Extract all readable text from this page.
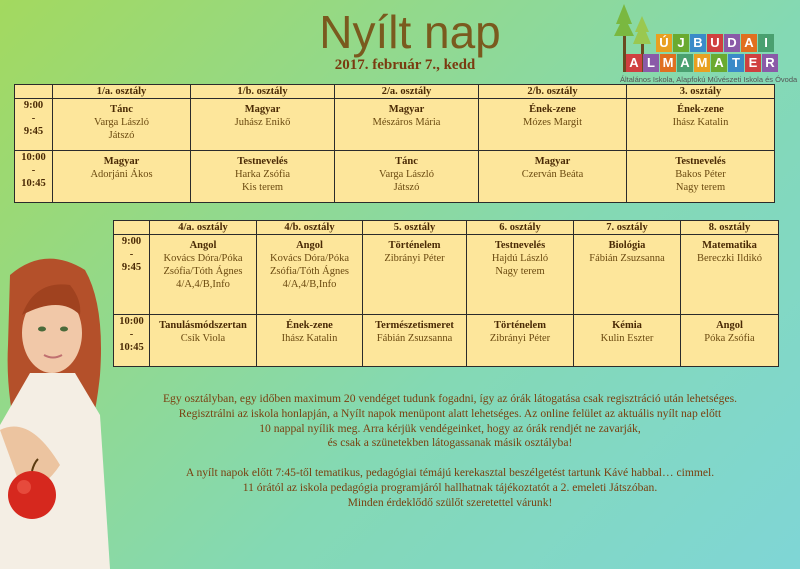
Nyílt nap
2017. február 7., kedd
Ú J B U D A I
A L M A M A T E R
Általános Iskola, Alapfokú Művészeti Iskola és Óvoda
	1/a. osztály	1/b. osztály	2/a. osztály	2/b. osztály	3. osztály

9:00
-
9:45	Tánc
Varga László
Játszó	Magyar
Juhász Enikő	Magyar
Mészáros Mária	Ének-zene
Mózes Margit	Ének-zene
Ihász Katalin

10:00
-
10:45	Magyar
Adorjáni Ákos	Testnevelés
Harka Zsófia
Kis terem	Tánc
Varga László
Játszó	Magyar
Czerván Beáta	Testnevelés
Bakos Péter
Nagy terem
	4/a. osztály	4/b. osztály	5. osztály	6. osztály	7. osztály	8. osztály

9:00
-
9:45	Angol
Kovács Dóra/Póka
Zsófia/Tóth Ágnes
4/A,4/B,Info	Angol
Kovács Dóra/Póka
Zsófia/Tóth Ágnes
4/A,4/B,Info	Történelem
Zibrányi Péter	Testnevelés
Hajdú László
Nagy terem	Biológia
Fábián Zsuzsanna	Matematika
Bereczki Ildikó

10:00
-
10:45	Tanulásmódszertan
Csík Viola	Ének-zene
Ihász Katalin	Természetismeret
Fábián Zsuzsanna	Történelem
Zibrányi Péter	Kémia
Kulin Eszter	Angol
Póka Zsófia

Egy osztályban, egy időben maximum 20 vendéget tudunk fogadni, így az órák látogatása csak regisztráció után lehetséges.

Regisztrálni az iskola honlapján, a Nyílt napok menüpont alatt lehetséges. Az online felület az aktuális nyílt nap előtt

10 nappal nyílik meg. Arra kérjük vendégeinket, hogy az órák rendjét ne zavarják,

és csak a szünetekben látogassanak másik osztályba!

A nyílt napok előtt 7:45-től tematikus, pedagógiai témájú kerekasztal beszélgetést tartunk Kávé habbal… cimmel.

11 órától az iskola pedagógia programjáról hallhatnak tájékoztatót a 2. emeleti Játszóban.

Minden érdeklődő szülőt szeretettel várunk!
